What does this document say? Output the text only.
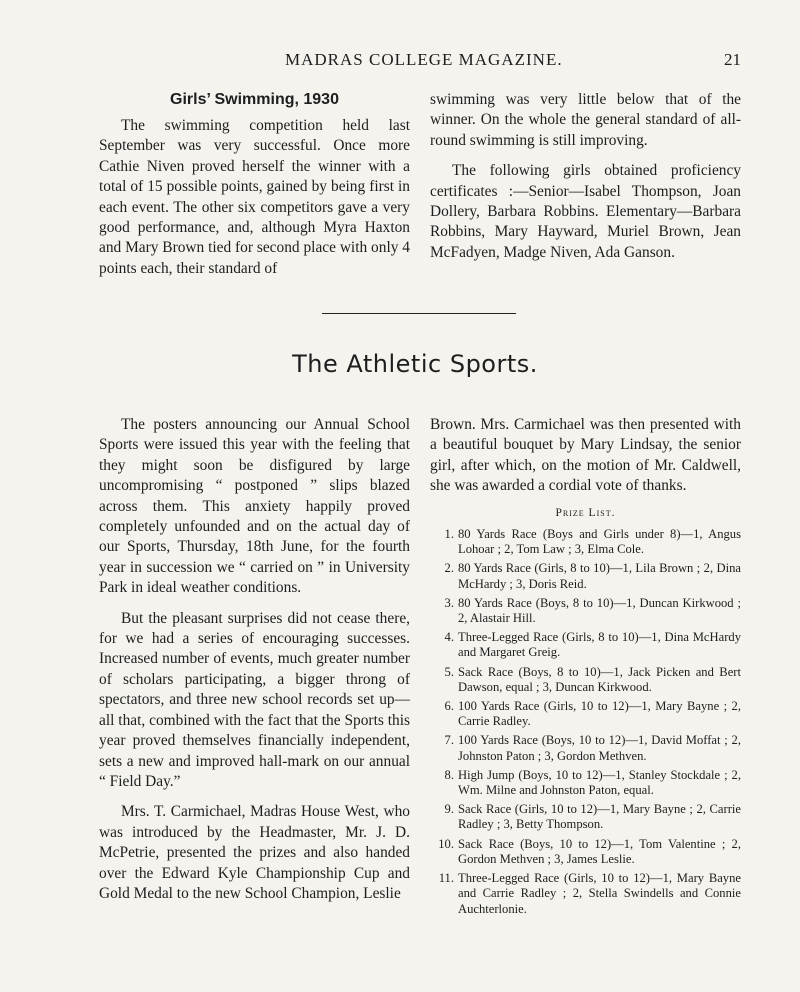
MADRAS COLLEGE MAGAZINE.	21
Girls’ Swimming, 1930

The swimming competition held last September was very successful. Once more Cathie Niven proved herself the winner with a total of 15 possible points, gained by being first in each event. The other six competitors gave a very good performance, and, although Myra Haxton and Mary Brown tied for second place with only 4 points each, their standard of

swimming was very little below that of the winner. On the whole the general standard of all-round swimming is still improving.

The following girls obtained proficiency certificates :—Senior—Isabel Thompson, Joan Dollery, Barbara Robbins. Elementary—Barbara Robbins, Mary Hayward, Muriel Brown, Jean McFadyen, Madge Niven, Ada Ganson.

The Athletic Sports.

The posters announcing our Annual School Sports were issued this year with the feeling that they might soon be disfigured by large uncompromising “ postponed ” slips blazed across them. This anxiety happily proved completely unfounded and on the actual day of our Sports, Thursday, 18th June, for the fourth year in succession we “ carried on ” in University Park in ideal weather conditions.

But the pleasant surprises did not cease there, for we had a series of encouraging successes. Increased number of events, much greater number of scholars participating, a bigger throng of spectators, and three new school records set up—all that, combined with the fact that the Sports this year proved themselves financially independent, sets a new and improved hall-mark on our annual “ Field Day.”

Mrs. T. Carmichael, Madras House West, who was introduced by the Headmaster, Mr. J. D. McPetrie, presented the prizes and also handed over the Edward Kyle Championship Cup and Gold Medal to the new School Champion, Leslie

Brown. Mrs. Carmichael was then presented with a beautiful bouquet by Mary Lindsay, the senior girl, after which, on the motion of Mr. Caldwell, she was awarded a cordial vote of thanks.

Prize List.
1. 80 Yards Race (Boys and Girls under 8)—1, Angus Lohoar ; 2, Tom Law ; 3, Elma Cole.
2. 80 Yards Race (Girls, 8 to 10)—1, Lila Brown ; 2, Dina McHardy ; 3, Doris Reid.
3. 80 Yards Race (Boys, 8 to 10)—1, Duncan Kirkwood ; 2, Alastair Hill.
4. Three-Legged Race (Girls, 8 to 10)—1, Dina McHardy and Margaret Greig.
5. Sack Race (Boys, 8 to 10)—1, Jack Picken and Bert Dawson, equal ; 3, Duncan Kirkwood.
6. 100 Yards Race (Girls, 10 to 12)—1, Mary Bayne ; 2, Carrie Radley.
7. 100 Yards Race (Boys, 10 to 12)—1, David Moffat ; 2, Johnston Paton ; 3, Gordon Methven.
8. High Jump (Boys, 10 to 12)—1, Stanley Stockdale ; 2, Wm. Milne and Johnston Paton, equal.
9. Sack Race (Girls, 10 to 12)—1, Mary Bayne ; 2, Carrie Radley ; 3, Betty Thompson.
10. Sack Race (Boys, 10 to 12)—1, Tom Valentine ; 2, Gordon Methven ; 3, James Leslie.
11. Three-Legged Race (Girls, 10 to 12)—1, Mary Bayne and Carrie Radley ; 2, Stella Swindells and Connie Auchterlonie.
